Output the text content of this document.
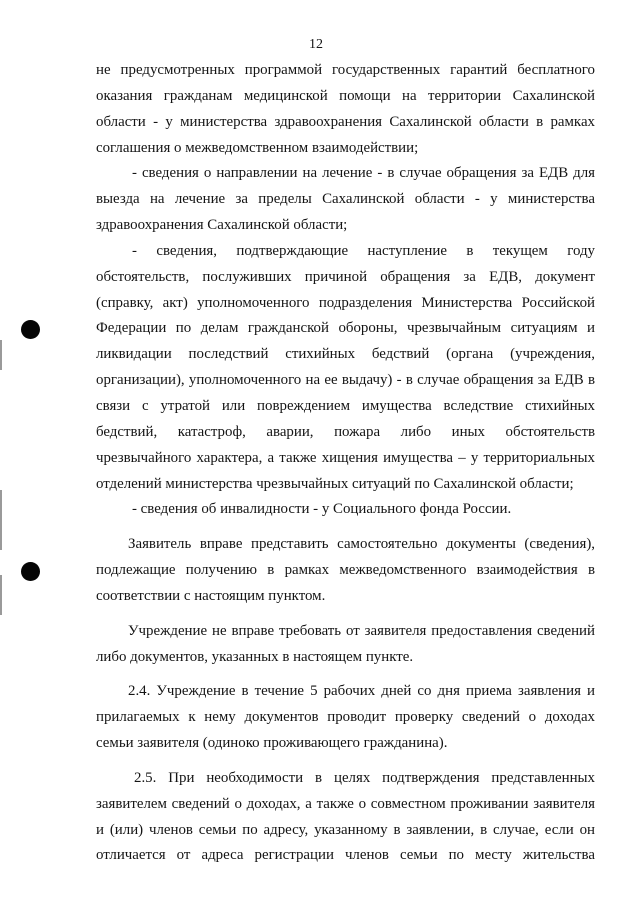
12
не предусмотренных программой государственных гарантий бесплатного
оказания гражданам медицинской помощи на территории Сахалинской
области - у министерства здравоохранения Сахалинской области в рамках
соглашения о межведомственном взаимодействии;
- сведения о направлении на лечение - в случае обращения за ЕДВ для
выезда на лечение за пределы Сахалинской области - у министерства
здравоохранения Сахалинской области;
- сведения, подтверждающие наступление в текущем году
обстоятельств, послуживших причиной обращения за ЕДВ, документ
(справку, акт) уполномоченного подразделения Министерства Российской
Федерации по делам гражданской обороны, чрезвычайным ситуациям и
ликвидации последствий стихийных бедствий (органа (учреждения,
организации), уполномоченного на ее выдачу) - в случае обращения за ЕДВ в
связи с утратой или повреждением имущества вследствие стихийных
бедствий, катастроф, аварии, пожара либо иных обстоятельств
чрезвычайного характера, а также хищения имущества – у территориальных
отделений министерства чрезвычайных ситуаций по Сахалинской области;
- сведения об инвалидности - у Социального фонда России.
Заявитель вправе представить самостоятельно документы (сведения),
подлежащие получению в рамках межведомственного взаимодействия в
соответствии с настоящим пунктом.
Учреждение не вправе требовать от заявителя предоставления сведений
либо документов, указанных в настоящем пункте.
2.4. Учреждение в течение 5 рабочих дней со дня приема заявления и
прилагаемых к нему документов проводит проверку сведений о доходах
семьи заявителя (одиноко проживающего гражданина).
2.5. При необходимости в целях подтверждения представленных
заявителем сведений о доходах, а также о совместном проживании заявителя
и (или) членов семьи по адресу, указанному в заявлении, в случае, если он
отличается от адреса регистрации членов семьи по месту жительства
